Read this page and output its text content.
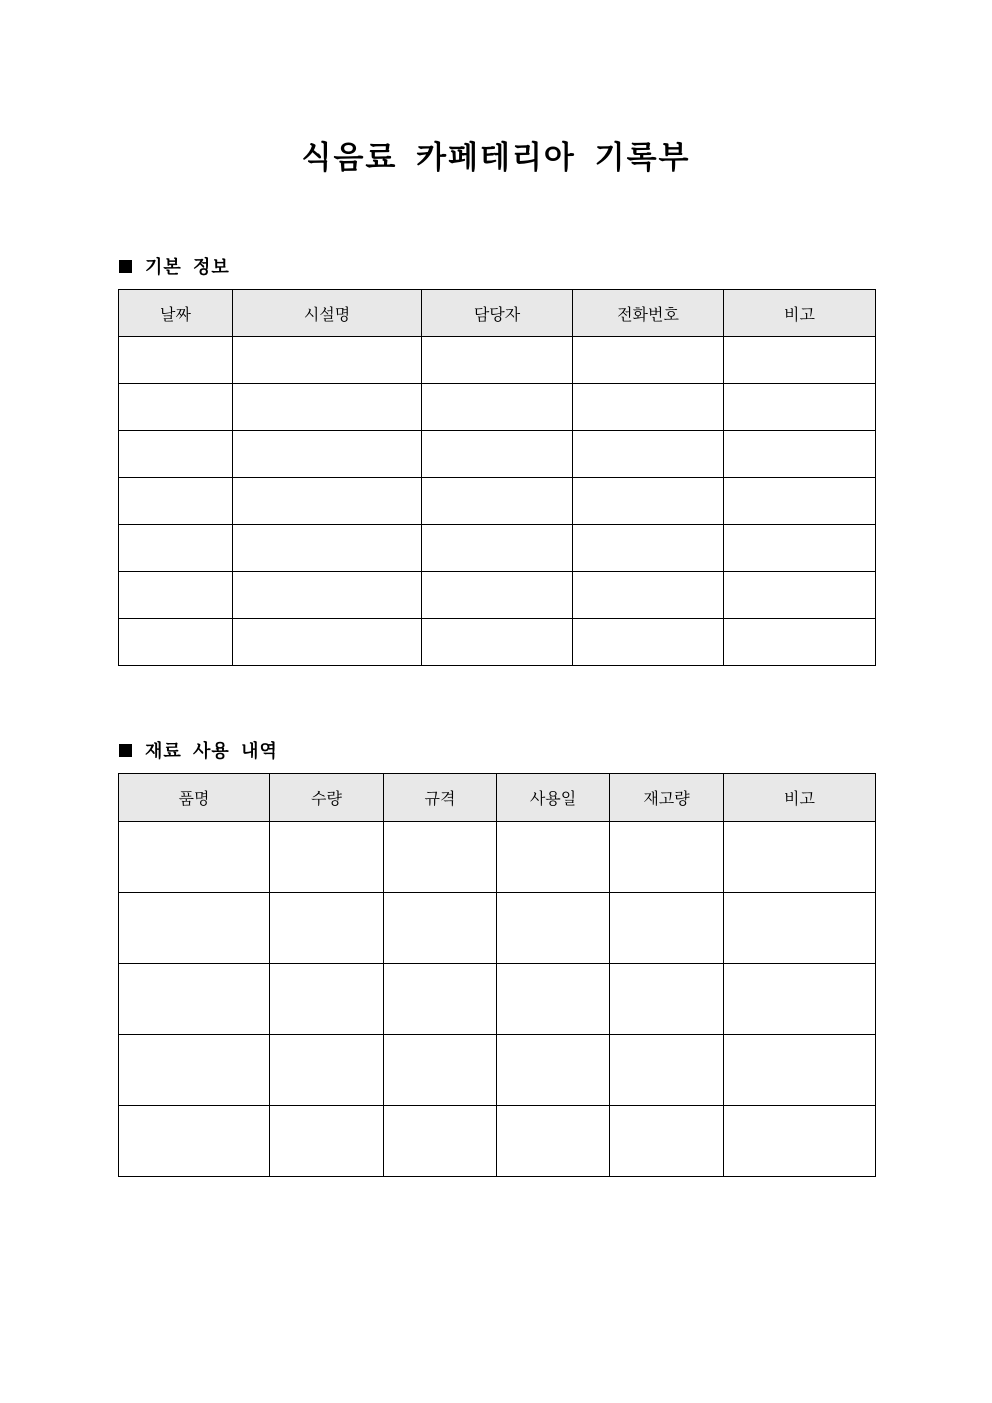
식음료 카페테리아 기록부
기본 정보
날짜	시설명	담당자	전화번호	비고

재료 사용 내역
품명	수량	규격	사용일	재고량	비고
